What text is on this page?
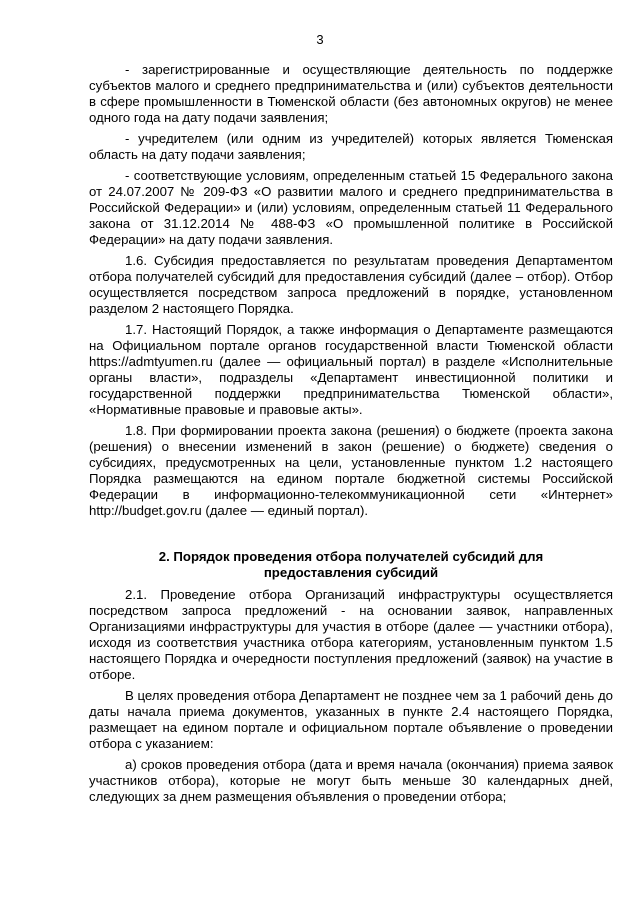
3

- зарегистрированные и осуществляющие деятельность по поддержке субъектов малого и среднего предпринимательства и (или) субъектов деятельности в сфере промышленности в Тюменской области (без автономных округов) не менее одного года на дату подачи заявления;

- учредителем (или одним из учредителей) которых является Тюменская область на дату подачи заявления;

- соответствующие условиям, определенным статьей 15 Федерального закона от 24.07.2007 № 209-ФЗ «О развитии малого и среднего предпринимательства в Российской Федерации» и (или) условиям, определенным статьей 11 Федерального закона от 31.12.2014 № 488-ФЗ «О промышленной политике в Российской Федерации» на дату подачи заявления.

1.6. Субсидия предоставляется по результатам проведения Департаментом отбора получателей субсидий для предоставления субсидий (далее – отбор). Отбор осуществляется посредством запроса предложений в порядке, установленном разделом 2 настоящего Порядка.

1.7. Настоящий Порядок, а также информация о Департаменте размещаются на Официальном портале органов государственной власти Тюменской области https://admtyumen.ru (далее — официальный портал) в разделе «Исполнительные органы власти», подразделы «Департамент инвестиционной политики и государственной поддержки предпринимательства Тюменской области», «Нормативные правовые и правовые акты».

1.8. При формировании проекта закона (решения) о бюджете (проекта закона (решения) о внесении изменений в закон (решение) о бюджете) сведения о субсидиях, предусмотренных на цели, установленные пунктом 1.2 настоящего Порядка размещаются на едином портале бюджетной системы Российской Федерации в информационно-телекоммуникационной сети «Интернет» http://budget.gov.ru (далее — единый портал).

2. Порядок проведения отбора получателей субсидий для
предоставления субсидий

2.1. Проведение отбора Организаций инфраструктуры осуществляется посредством запроса предложений - на основании заявок, направленных Организациями инфраструктуры для участия в отборе (далее — участники отбора), исходя из соответствия участника отбора категориям, установленным пунктом 1.5 настоящего Порядка и очередности поступления предложений (заявок) на участие в отборе.

В целях проведения отбора Департамент не позднее чем за 1 рабочий день до даты начала приема документов, указанных в пункте 2.4 настоящего Порядка, размещает на едином портале и официальном портале объявление о проведении отбора с указанием:

а) сроков проведения отбора (дата и время начала (окончания) приема заявок участников отбора), которые не могут быть меньше 30 календарных дней, следующих за днем размещения объявления о проведении отбора;
